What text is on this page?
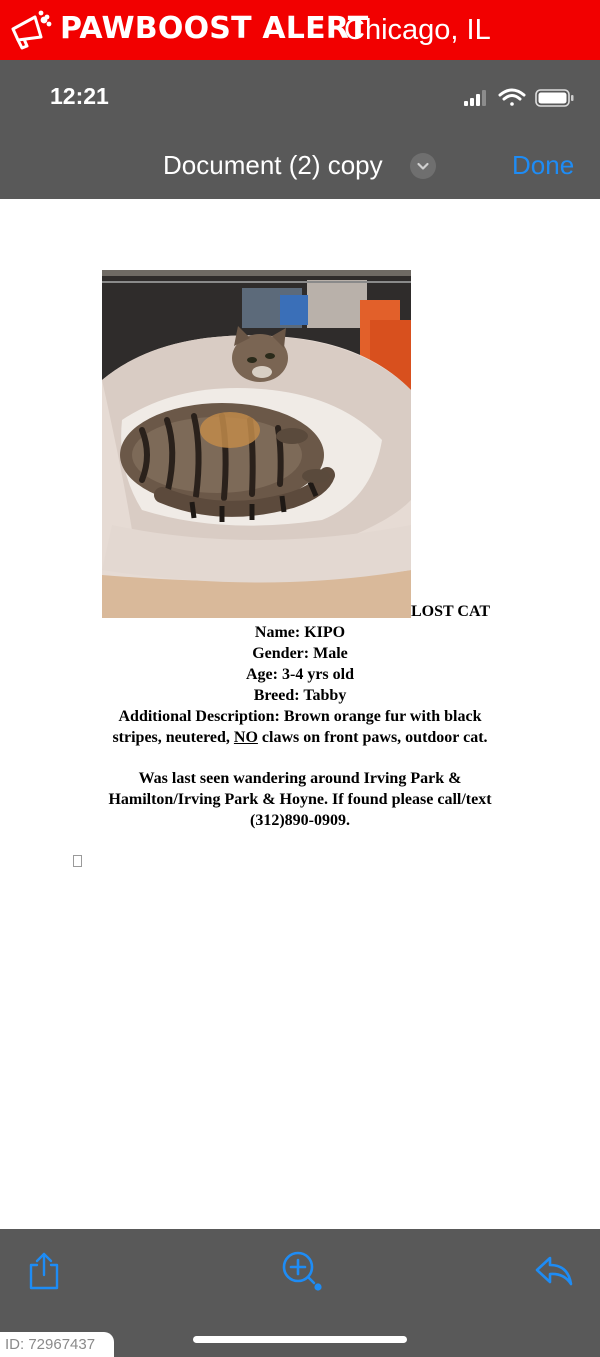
PAWBOOST ALERT
Chicago, IL
12:21
Document (2) copy	Done
LOST CAT
Name: KIPO
Gender: Male
Age: 3-4 yrs old
Breed: Tabby
Additional Description: Brown orange fur with black
stripes, neutered, NO claws on front paws, outdoor cat.
Was last seen wandering around Irving Park &
Hamilton/Irving Park & Hoyne. If found please call/text
(312)890-0909.
ID: 72967437
